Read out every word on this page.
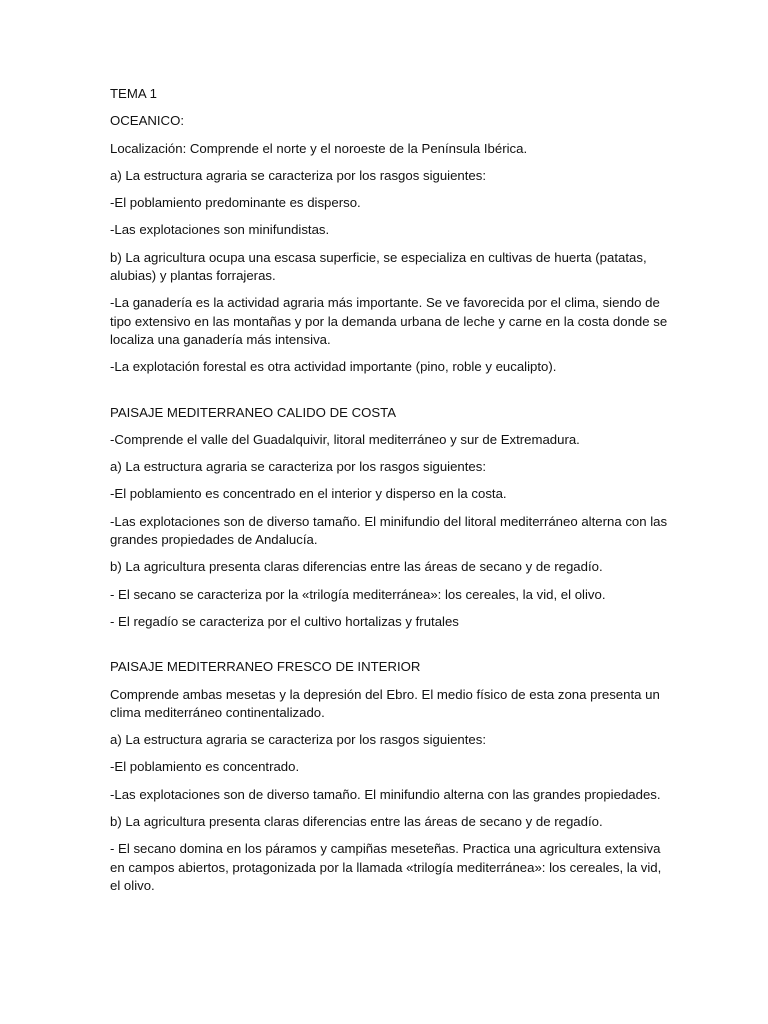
TEMA 1
OCEANICO:
Localización: Comprende el norte y el noroeste de la Península Ibérica.
a) La estructura agraria se caracteriza por los rasgos siguientes:
-El poblamiento predominante es disperso.
-Las explotaciones son minifundistas.
b) La agricultura ocupa una escasa superficie, se especializa en cultivas de huerta (patatas, alubias) y plantas forrajeras.
-La ganadería es la actividad agraria más importante. Se ve favorecida por el clima, siendo de tipo extensivo en las montañas y por la demanda urbana de leche y carne en la costa donde se localiza una ganadería más intensiva.
-La explotación forestal es otra actividad importante (pino, roble y eucalipto).
PAISAJE MEDITERRANEO CALIDO DE COSTA
-Comprende el valle del Guadalquivir, litoral mediterráneo y sur de Extremadura.
a) La estructura agraria se caracteriza por los rasgos siguientes:
-El poblamiento es concentrado en el interior y disperso en la costa.
-Las explotaciones son de diverso tamaño. El minifundio del litoral mediterráneo alterna con las grandes propiedades de Andalucía.
b) La agricultura presenta claras diferencias entre las áreas de secano y de regadío.
- El secano se caracteriza por la «trilogía mediterránea»: los cereales, la vid, el olivo.
- El regadío se caracteriza por el cultivo hortalizas y frutales
PAISAJE MEDITERRANEO FRESCO DE INTERIOR
Comprende ambas mesetas y la depresión del Ebro. El medio físico de esta zona presenta un clima mediterráneo continentalizado.
a) La estructura agraria se caracteriza por los rasgos siguientes:
-El poblamiento es concentrado.
-Las explotaciones son de diverso tamaño. El minifundio alterna con las grandes propiedades.
b) La agricultura presenta claras diferencias entre las áreas de secano y de regadío.
- El secano domina en los páramos y campiñas meseteñas. Practica una agricultura extensiva en campos abiertos, protagonizada por la llamada «trilogía mediterránea»: los cereales, la vid, el olivo.
